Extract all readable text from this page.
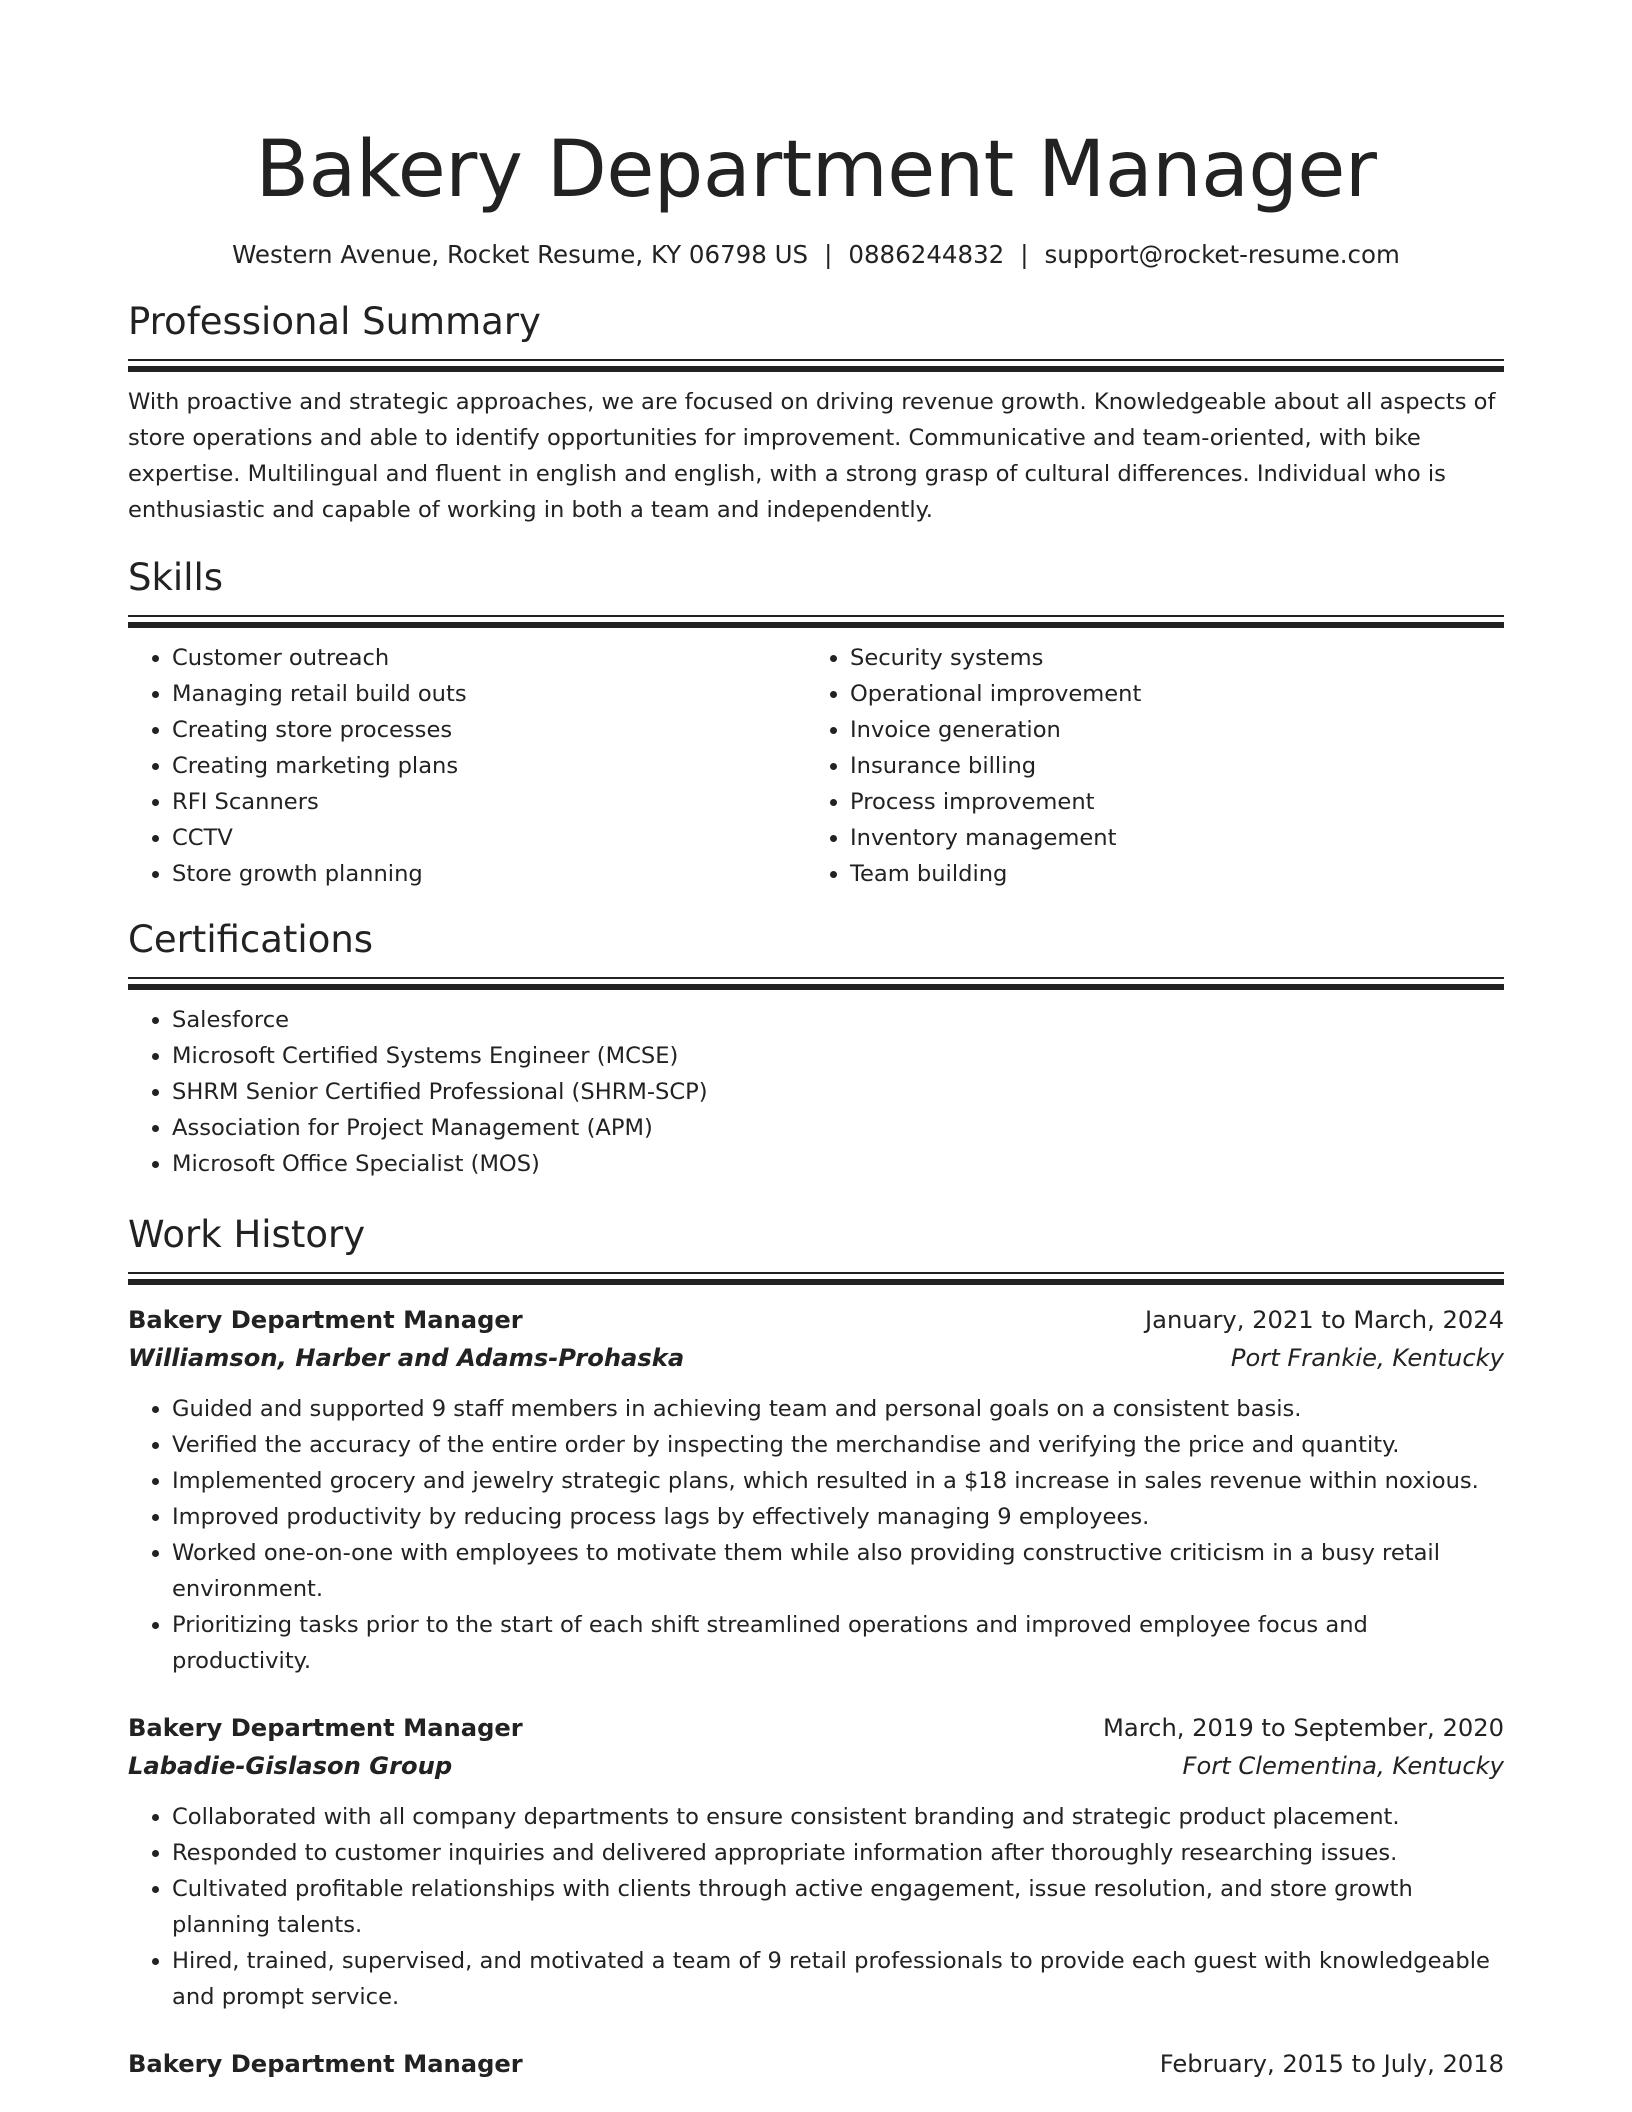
Bakery Department Manager
Western Avenue, Rocket Resume, KY 06798 US | 0886244832 | support@rocket-resume.com
Professional Summary

With proactive and strategic approaches, we are focused on driving revenue growth. Knowledgeable about all aspects of store operations and able to identify opportunities for improvement. Communicative and team-oriented, with bike expertise. Multilingual and fluent in english and english, with a strong grasp of cultural differences. Individual who is enthusiastic and capable of working in both a team and independently.

Skills
• Customer outreach
• Managing retail build outs
• Creating store processes
• Creating marketing plans
• RFI Scanners
• CCTV
• Store growth planning
• Security systems
• Operational improvement
• Invoice generation
• Insurance billing
• Process improvement
• Inventory management
• Team building
Certifications
• Salesforce
• Microsoft Certified Systems Engineer (MCSE)
• SHRM Senior Certified Professional (SHRM-SCP)
• Association for Project Management (APM)
• Microsoft Office Specialist (MOS)
Work History
Bakery Department Manager	January, 2021 to March, 2024
Williamson, Harber and Adams-Prohaska	Port Frankie, Kentucky
• Guided and supported 9 staff members in achieving team and personal goals on a consistent basis.
• Verified the accuracy of the entire order by inspecting the merchandise and verifying the price and quantity.
• Implemented grocery and jewelry strategic plans, which resulted in a $18 increase in sales revenue within noxious.
• Improved productivity by reducing process lags by effectively managing 9 employees.
• Worked one-on-one with employees to motivate them while also providing constructive criticism in a busy retail environment.
• Prioritizing tasks prior to the start of each shift streamlined operations and improved employee focus and productivity.
Bakery Department Manager	March, 2019 to September, 2020
Labadie-Gislason Group	Fort Clementina, Kentucky
• Collaborated with all company departments to ensure consistent branding and strategic product placement.
• Responded to customer inquiries and delivered appropriate information after thoroughly researching issues.
• Cultivated profitable relationships with clients through active engagement, issue resolution, and store growth planning talents.
• Hired, trained, supervised, and motivated a team of 9 retail professionals to provide each guest with knowledgeable and prompt service.
Bakery Department Manager	February, 2015 to July, 2018
